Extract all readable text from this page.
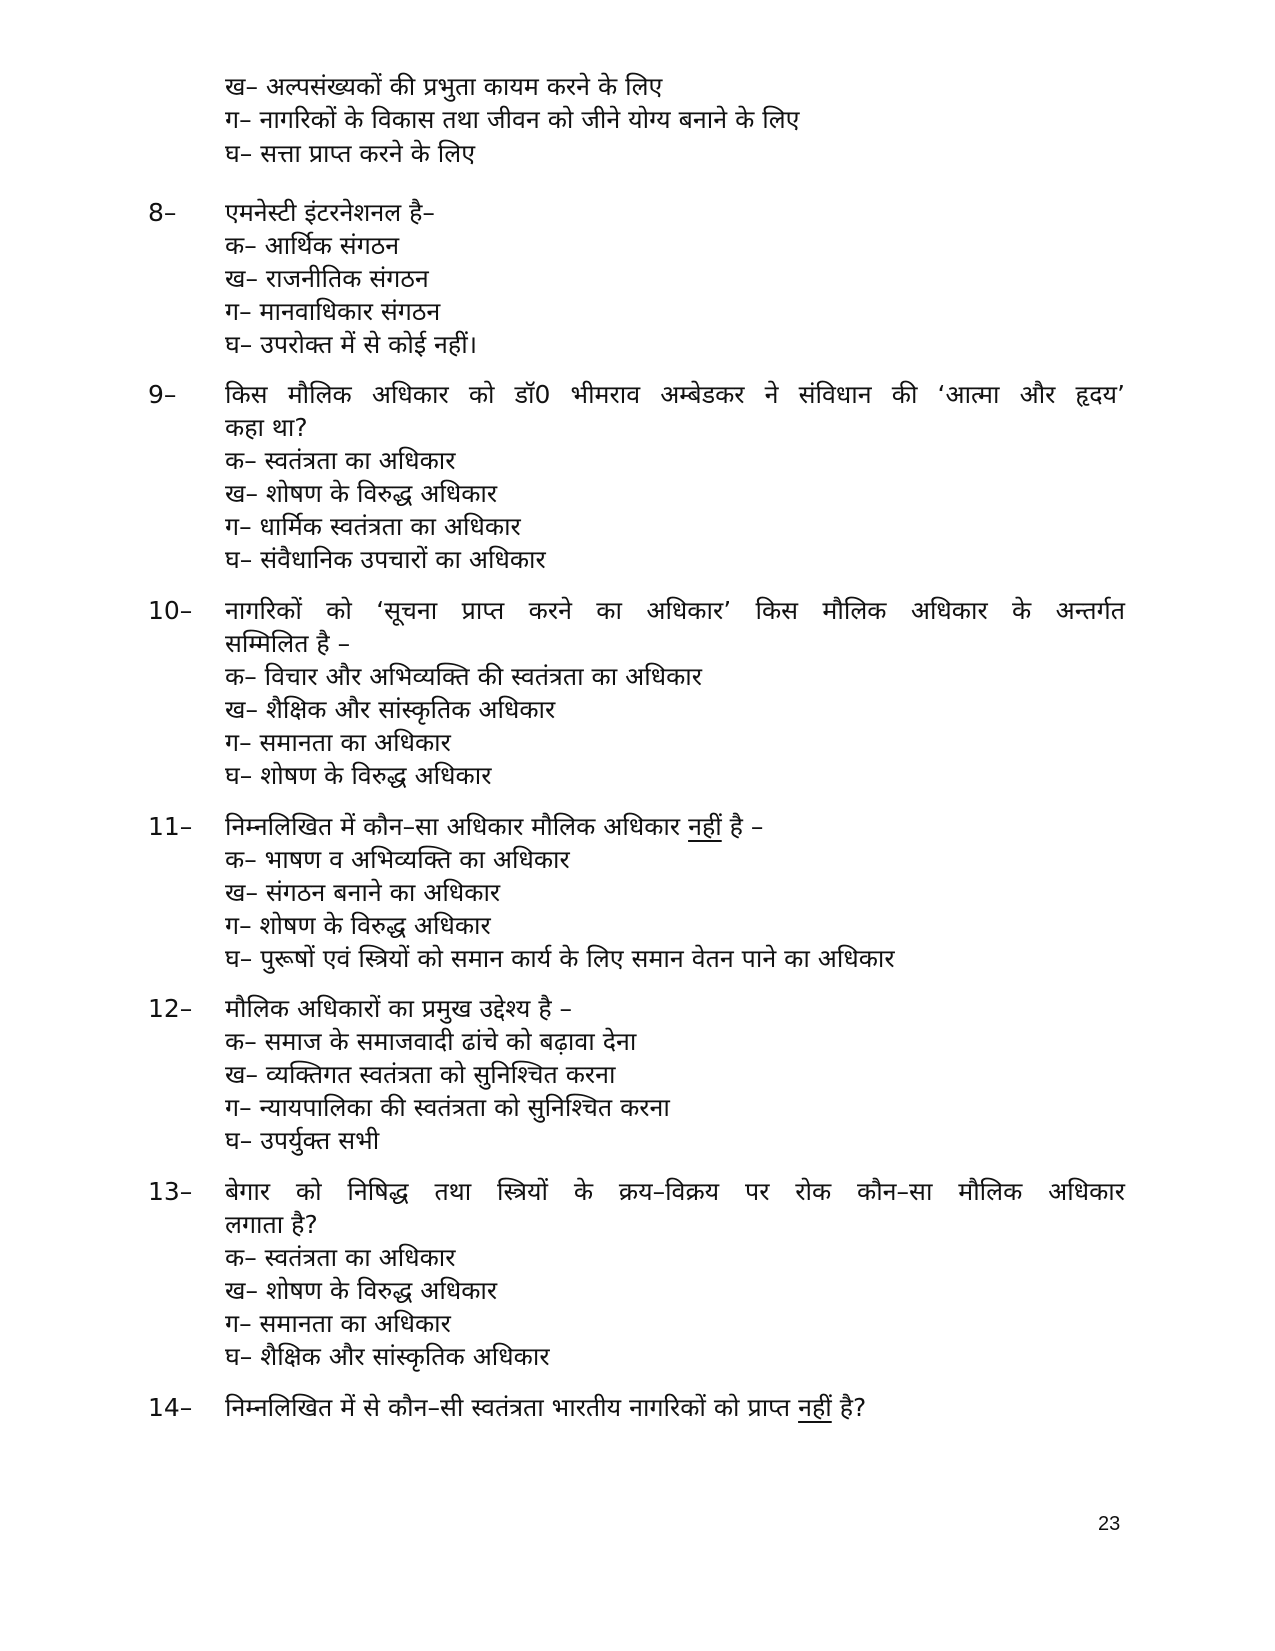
ख– अल्पसंख्यकों की प्रभुता कायम करने के लिए
ग– नागरिकों के विकास तथा जीवन को जीने योग्य बनाने के लिए
घ– सत्ता प्राप्त करने के लिए
8– एमनेस्टी इंटरनेशनल है–
क– आर्थिक संगठन
ख– राजनीतिक संगठन
ग– मानवाधिकार संगठन
घ– उपरोक्त में से कोई नहीं।
9– किस मौलिक अधिकार को डॉ0 भीमराव अम्बेडकर ने संविधान की ‘आत्मा और हृदय’
कहा था?
क– स्वतंत्रता का अधिकार
ख– शोषण के विरुद्ध अधिकार
ग– धार्मिक स्वतंत्रता का अधिकार
घ– संवैधानिक उपचारों का अधिकार
10– नागरिकों को ‘सूचना प्राप्त करने का अधिकार’ किस मौलिक अधिकार के अन्तर्गत
सम्मिलित है –
क– विचार और अभिव्यक्ति की स्वतंत्रता का अधिकार
ख– शैक्षिक और सांस्कृतिक अधिकार
ग– समानता का अधिकार
घ– शोषण के विरुद्ध अधिकार
11– निम्नलिखित में कौन–सा अधिकार मौलिक अधिकार नहीं है –
क– भाषण व अभिव्यक्ति का अधिकार
ख– संगठन बनाने का अधिकार
ग– शोषण के विरुद्ध अधिकार
घ– पुरूषों एवं स्त्रियों को समान कार्य के लिए समान वेतन पाने का अधिकार
12– मौलिक अधिकारों का प्रमुख उद्देश्य है –
क– समाज के समाजवादी ढांचे को बढ़ावा देना
ख– व्यक्तिगत स्वतंत्रता को सुनिश्चित करना
ग– न्यायपालिका की स्वतंत्रता को सुनिश्चित करना
घ– उपर्युक्त सभी
13– बेगार को निषिद्ध तथा स्त्रियों के क्रय–विक्रय पर रोक कौन–सा मौलिक अधिकार
लगाता है?
क– स्वतंत्रता का अधिकार
ख– शोषण के विरुद्ध अधिकार
ग– समानता का अधिकार
घ– शैक्षिक और सांस्कृतिक अधिकार
14– निम्नलिखित में से कौन–सी स्वतंत्रता भारतीय नागरिकों को प्राप्त नहीं है?
23
